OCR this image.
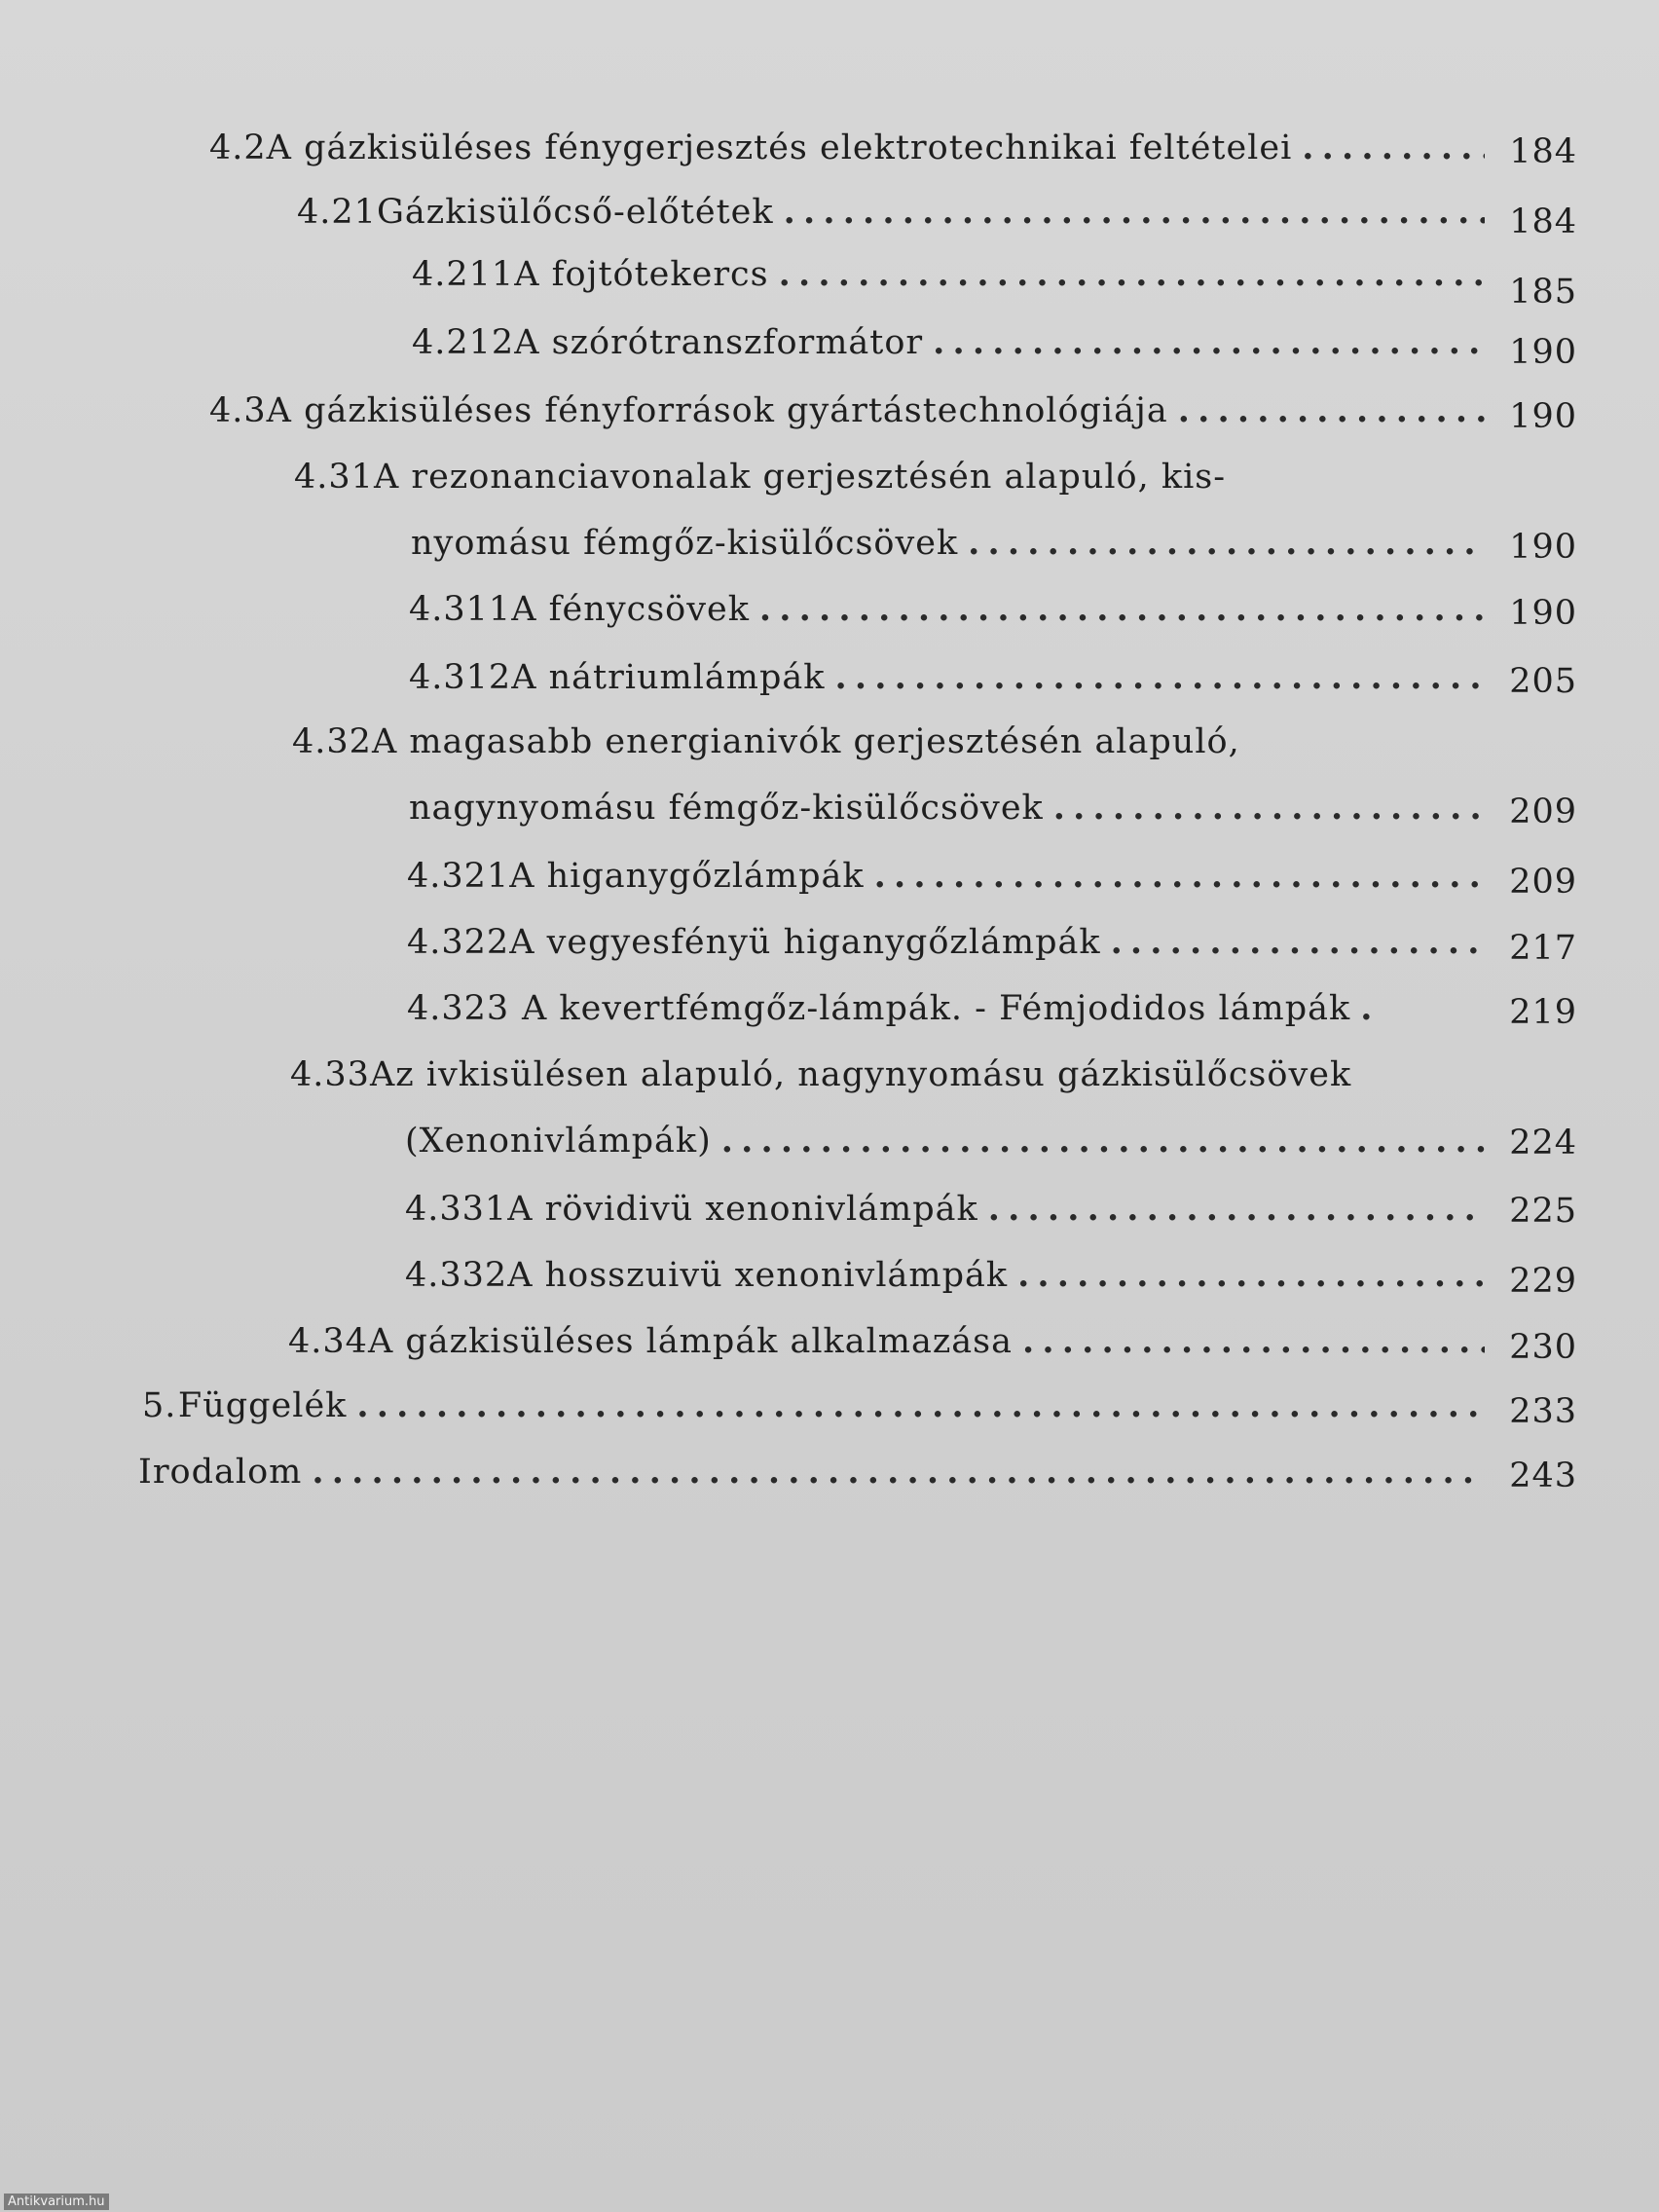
4.2 A gázkisüléses fénygerjesztés elektrotechnikai feltételei . . .	184
4.21 Gázkisülőcső-előtétek . . .	184
4.211 A fojtótekercs . . .	185
4.212 A szórótranszformátor . . .	190
4.3 A gázkisüléses fényforrások gyártástechnológiája . . .	190
4.31 A rezonanciavonalak gerjesztésén alapuló, kis-
nyomásu fémgőz-kisülőcsövek . . .	190
4.311 A fénycsövek . . .	190
4.312 A nátriumlámpák . . .	205
4.32 A magasabb energianivók gerjesztésén alapuló,
nagynyomásu fémgőz-kisülőcsövek . . .	209
4.321 A higanygőzlámpák . . .	209
4.322 A vegyesfényü higanygőzlámpák . . .	217
4.323 A kevertfémgőz-lámpák. - Fémjodidos lámpák . . .	219
4.33 Az ivkisülésen alapuló, nagynyomásu gázkisülőcsövek
(Xenonivlámpák) . . .	224
4.331 A rövidivü xenonivlámpák . . .	225
4.332 A hosszuivü xenonivlámpák . . .	229
4.34 A gázkisüléses lámpák alkalmazása . . .	230
5. Függelék . . .	233
Irodalom . . .	243
Antikvarium.hu
